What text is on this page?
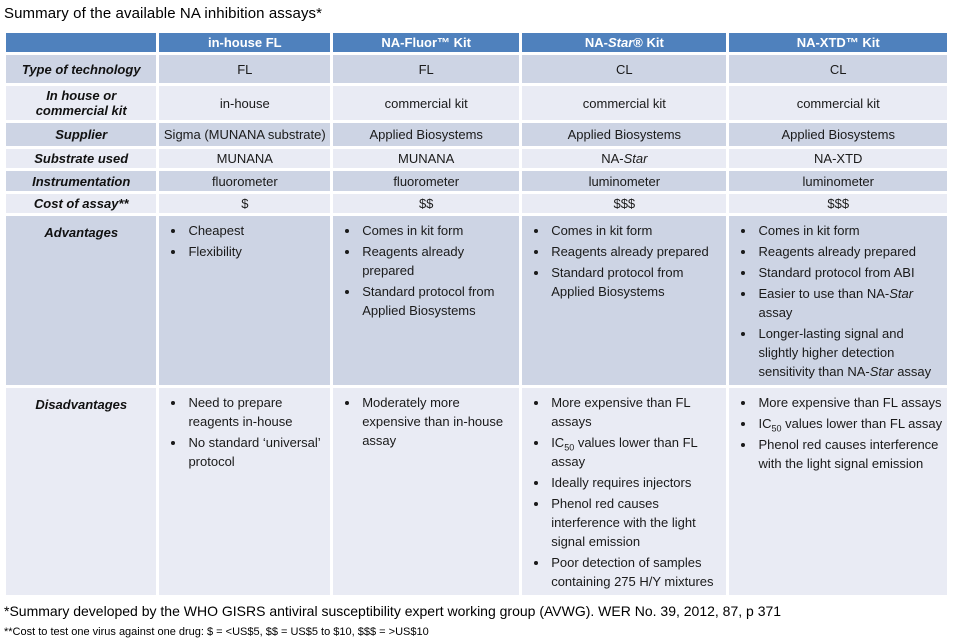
Summary of the available NA inhibition assays*
	in-house FL	NA-Fluor™ Kit	NA-Star® Kit	NA-XTD™ Kit
Type of technology	FL	FL	CL	CL
In house or commercial kit	in-house	commercial kit	commercial kit	commercial kit
Supplier	Sigma (MUNANA substrate)	Applied Biosystems	Applied Biosystems	Applied Biosystems
Substrate used	MUNANA	MUNANA	NA-Star	NA-XTD
Instrumentation	fluorometer	fluorometer	luminometer	luminometer
Cost of assay**	$	$$	$$$	$$$
Advantages	
•Cheapest
• Flexibility

• Comes in kit form
• Reagents already prepared
• Standard protocol from Applied Biosystems

• Comes in kit form
• Reagents already prepared
• Standard protocol from Applied Biosystems

• Comes in kit form
• Reagents already prepared
• Standard protocol from ABI
• Easier to use than NA-Star assay
• Longer-lasting signal and slightly higher detection sensitivity than NA-Star assay

Disadvantages	
•Need to prepare reagents in-house
• No standard ‘universal’ protocol

• Moderately more expensive than in-house assay

• More expensive than FL assays
• $IC_{50}$ values lower than FL assay
• Ideally requires injectors
• Phenol red causes interference with the light signal emission
• Poor detection of samples containing 275 H/Y mixtures

• More expensive than FL assays
• $IC_{50}$ values lower than FL assay
• Phenol red causes interference with the light signal emission
*Summary developed by the WHO GISRS antiviral susceptibility expert working group (AVWG). WER No. 39, 2012, 87, p 371
**Cost to test one virus against one drug: $ = <US$5, $$ = US$5 to $10, $$$ = >US$10
